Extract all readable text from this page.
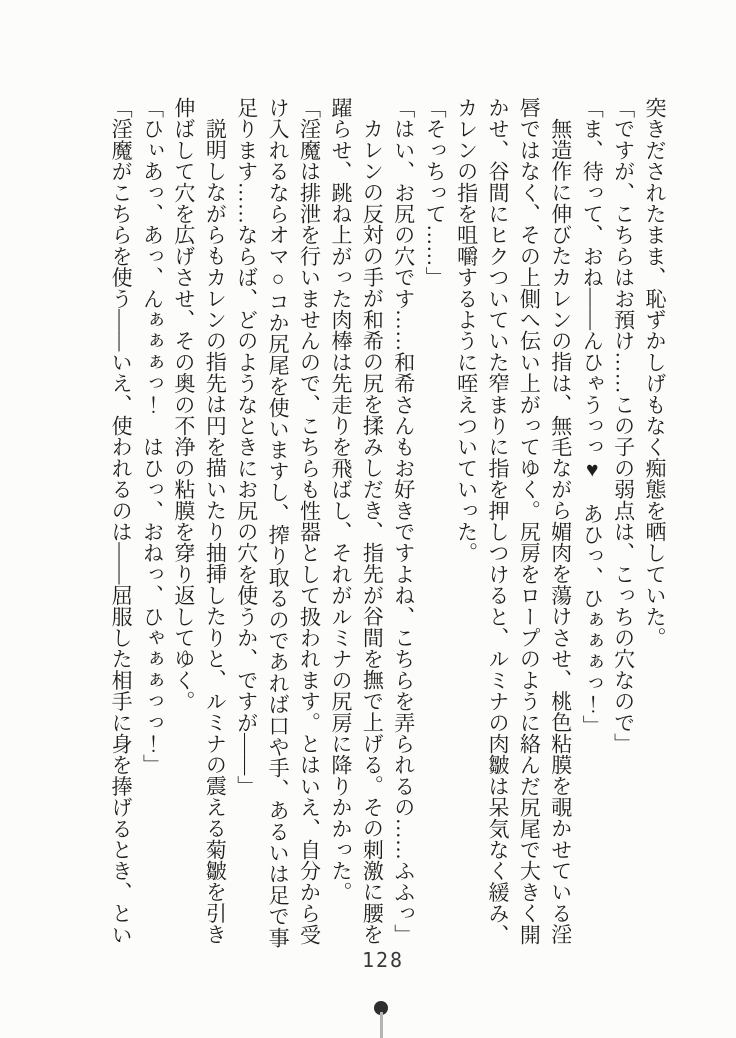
突きだされたまま、恥ずかしげもなく痴態を晒していた。
「ですが、こちらはお預け……この子の弱点は、こっちの穴なので」
「ま、待って、おね――んひゃうっっ♥　あひっ、ひぁぁぁっ！」
無造作に伸びたカレンの指は、無毛ながら媚肉を蕩けさせ、桃色粘膜を覗かせている淫
唇ではなく、その上側へ伝い上がってゆく。尻房をロープのように絡んだ尻尾で大きく開
かせ、谷間にヒクついていた窄まりに指を押しつけると、ルミナの肉皺は呆気なく緩み、
カレンの指を咀嚼するように咥えついていった。
「そっちって……」
「はい、お尻の穴です……和希さんもお好きですよね、こちらを弄られるの……ふふっ」
カレンの反対の手が和希の尻を揉みしだき、指先が谷間を撫で上げる。その刺激に腰を
躍らせ、跳ね上がった肉棒は先走りを飛ばし、それがルミナの尻房に降りかかった。
「淫魔は排泄を行いませんので、こちらも性器として扱われます。とはいえ、自分から受
け入れるならオマ○コか尻尾を使いますし、搾り取るのであれば口や手、あるいは足で事
足ります……ならば、どのようなときにお尻の穴を使うか、ですが――」
説明しながらもカレンの指先は円を描いたり抽挿したりと、ルミナの震える菊皺を引き
伸ばして穴を広げさせ、その奥の不浄の粘膜を穿り返してゆく。
「ひぃあっ、あっ、んぁぁぁっ！　はひっ、おねっ、ひゃぁぁっっ！」
「淫魔がこちらを使う――いえ、使われるのは――屈服した相手に身を捧げるとき、とい
128
